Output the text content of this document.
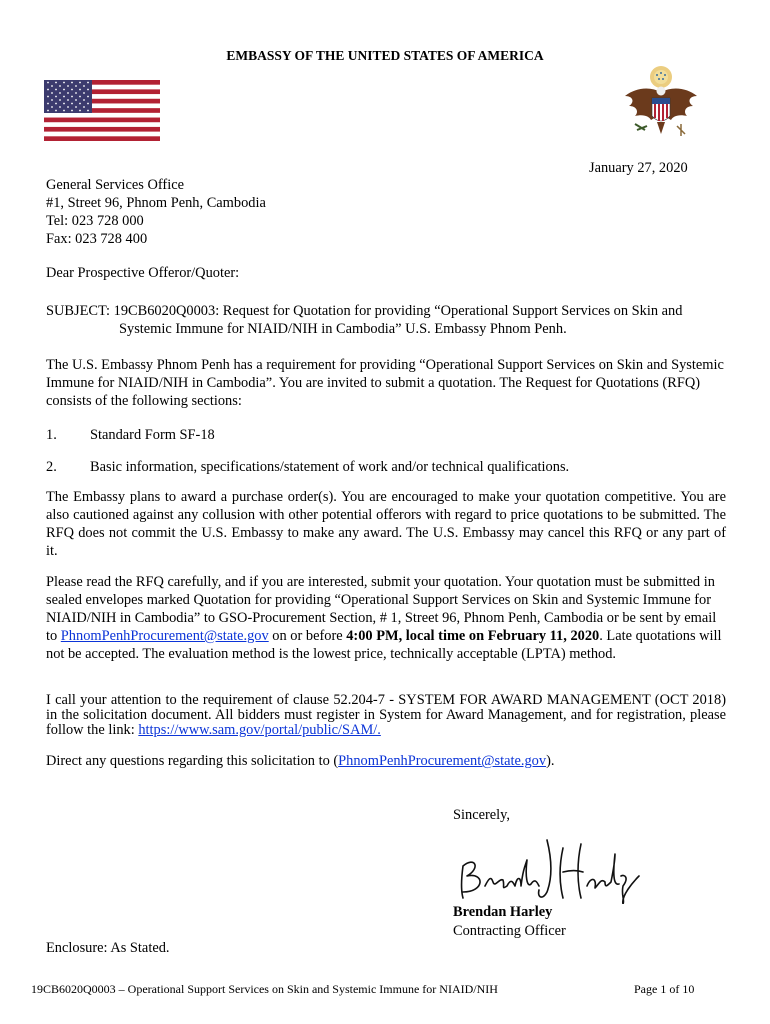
EMBASSY OF THE UNITED STATES OF AMERICA
January 27, 2020
General Services Office
#1, Street 96, Phnom Penh, Cambodia
Tel: 023 728 000
Fax: 023 728 400
Dear Prospective Offeror/Quoter:
SUBJECT: 19CB6020Q0003: Request for Quotation for providing “Operational Support Services on Skin and
Systemic Immune for NIAID/NIH in Cambodia” U.S. Embassy Phnom Penh.
The U.S. Embassy Phnom Penh has a requirement for providing “Operational Support Services on Skin and Systemic Immune for NIAID/NIH in Cambodia”. You are invited to submit a quotation. The Request for Quotations (RFQ) consists of the following sections:
1. Standard Form SF-18
2. Basic information, specifications/statement of work and/or technical qualifications.
The Embassy plans to award a purchase order(s). You are encouraged to make your quotation competitive. You are also cautioned against any collusion with other potential offerors with regard to price quotations to be submitted. The RFQ does not commit the U.S. Embassy to make any award. The U.S. Embassy may cancel this RFQ or any part of it.
Please read the RFQ carefully, and if you are interested, submit your quotation. Your quotation must be submitted in sealed envelopes marked Quotation for providing “Operational Support Services on Skin and Systemic Immune for NIAID/NIH in Cambodia” to GSO-Procurement Section, # 1, Street 96, Phnom Penh, Cambodia or be sent by email to PhnomPenhProcurement@state.gov on or before 4:00 PM, local time on February 11, 2020. Late quotations will not be accepted. The evaluation method is the lowest price, technically acceptable (LPTA) method.
I call your attention to the requirement of clause 52.204-7 - SYSTEM FOR AWARD MANAGEMENT (OCT 2018) in the solicitation document. All bidders must register in System for Award Management, and for registration, please follow the link: https://www.sam.gov/portal/public/SAM/.
Direct any questions regarding this solicitation to (PhnomPenhProcurement@state.gov).
Sincerely,
Brendan Harley
Contracting Officer
Enclosure: As Stated.
19CB6020Q0003 – Operational Support Services on Skin and Systemic Immune for NIAID/NIH	Page 1 of 10
